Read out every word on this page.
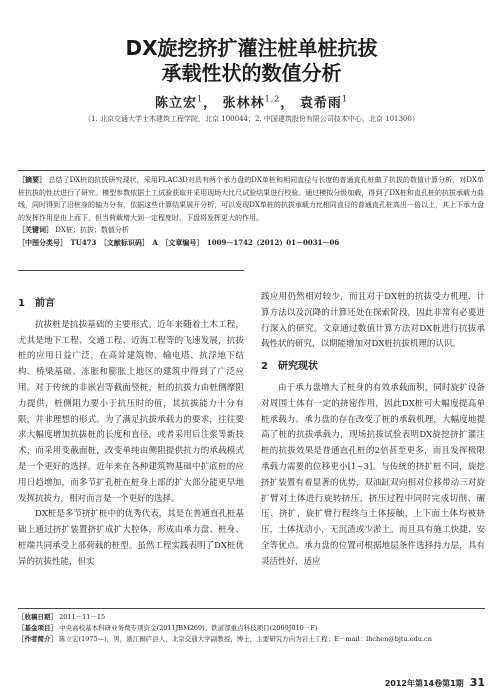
DX旋挖挤扩灌注桩单桩抗拔
承载性状的数值分析
陈立宏$^1$， 张林林$^{1,2}$， 袁希雨$^1$
（1. 北京交通大学土木建筑工程学院，北京 100044；2. 中国建筑股份有限公司技术中心，北京 101300）
［摘要］ 总结了DX桩的抗拔研究现状，采用FLAC3D对具有两个承力盘的DX单桩和相同直径与长度的普通直孔桩做了抗拔的数值计算分析，对DX单桩抗拔的性状进行了研究。模型参数依据土工试验获取并采用现场大比尺试验结果进行校验。通过模拟分级加载，得到了DX桩和直孔桩的抗拔承载力曲线，同时得到了沿桩身的轴力分布，依据这些计算结果展开分析，可以发现DX单桩的抗拔承载力比相同直径的普通直孔桩高出一倍以上，其上下承力盘的发挥作用是由上而下，但当荷载增大到一定程度时，下盘将发挥更大的作用。
［关键词］ DX桩；抗拔；数值分析
［中图分类号］　TU473　［文献标识码］　A　［文章编号］　1009－1742（2012）01－0031－06

1　前言

抗拔桩是抗拔基础的主要形式。近年来随着土木工程，尤其是地下工程、交通工程、近海工程等的飞速发展，抗拔桩的应用日益广泛，在高耸建筑物、输电塔、抗浮地下结构、桥梁基础、冻胀和膨胀土地区的建筑中得到了广泛应用。对于传统的非嵌岩等截面竖桩，桩的抗拔力由桩侧摩阻力提供，桩侧阻力要小于抗压时的值，其抗拔能力十分有限，并非理想的形式。为了满足抗拔承载力的要求，往往要求大幅度增加抗拔桩的长度和直径，或者采用后注浆等新技术，而采用变截面桩，改变单纯由侧阻提供抗力的承载模式是一个更好的选择。近年来在各种建筑物基础中扩底桩的应用日趋增加，而多节扩孔桩在桩身上部的扩大部分能更早地发挥抗拔力，相对而言是一个更好的选择。

DX桩是多节挤扩桩中的优秀代表，其是在普通直孔桩基础上通过挤扩装置挤扩成扩大腔体，形成由承力盘、桩身、桩端共同承受上部荷载的桩型。虽然工程实践表明了DX桩优异的抗拔性能，但实

践应用仍然相对较少，而且对于DX桩的抗拔受力机理、计算方法以及沉降的计算还处在探索阶段，因此非常有必要进行深入的研究。文章通过数值计算方法对DX桩进行抗拔承载性状的研究，以期能增加对DX桩抗拔机理的认识。

2　研究现状

由于承力盘增大了桩身的有效承载面积，同时旋扩设备对周围土体有一定的挤密作用，因此DX桩可大幅度提高单桩承载力。承力盘的存在改变了桩的承载机理，大幅度地提高了桩的抗拔承载力，现场抗拔试验表明DX旋挖挤扩灌注桩的抗拔效果是普通直孔桩的2倍甚至更多，而且发挥极限承载力需要的位移更小[1~3]。与传统的挤扩桩不同，旋挖挤扩装置有着显著的优势，双油缸双向相对位移带动三对旋扩臂对土体进行旋转挤压，挤压过程中同时完成切削、碾压、挤扩，旋扩臂行程终与土体接触，上下面土体均被挤压，土体扰动小，无沉渣或少淤土。而且具有施工快捷、安全等优点。承力盘的位置可根据地层条件选择持力层，具有灵活性好，适应

［收稿日期］ 2011－11－15
［基金项目］ 中央高校基本科研业务费专项资金(2011JBM269)；铁道部重点科技项目(2009J010－F)
［作者简介］ 陈立宏(1975—)，男，浙江桐庐县人，北京交通大学副教授，博士，主要研究方向为岩土工程；E－mail：lhchen@bjtu.edu.cn
2012年第14卷第1期 31
